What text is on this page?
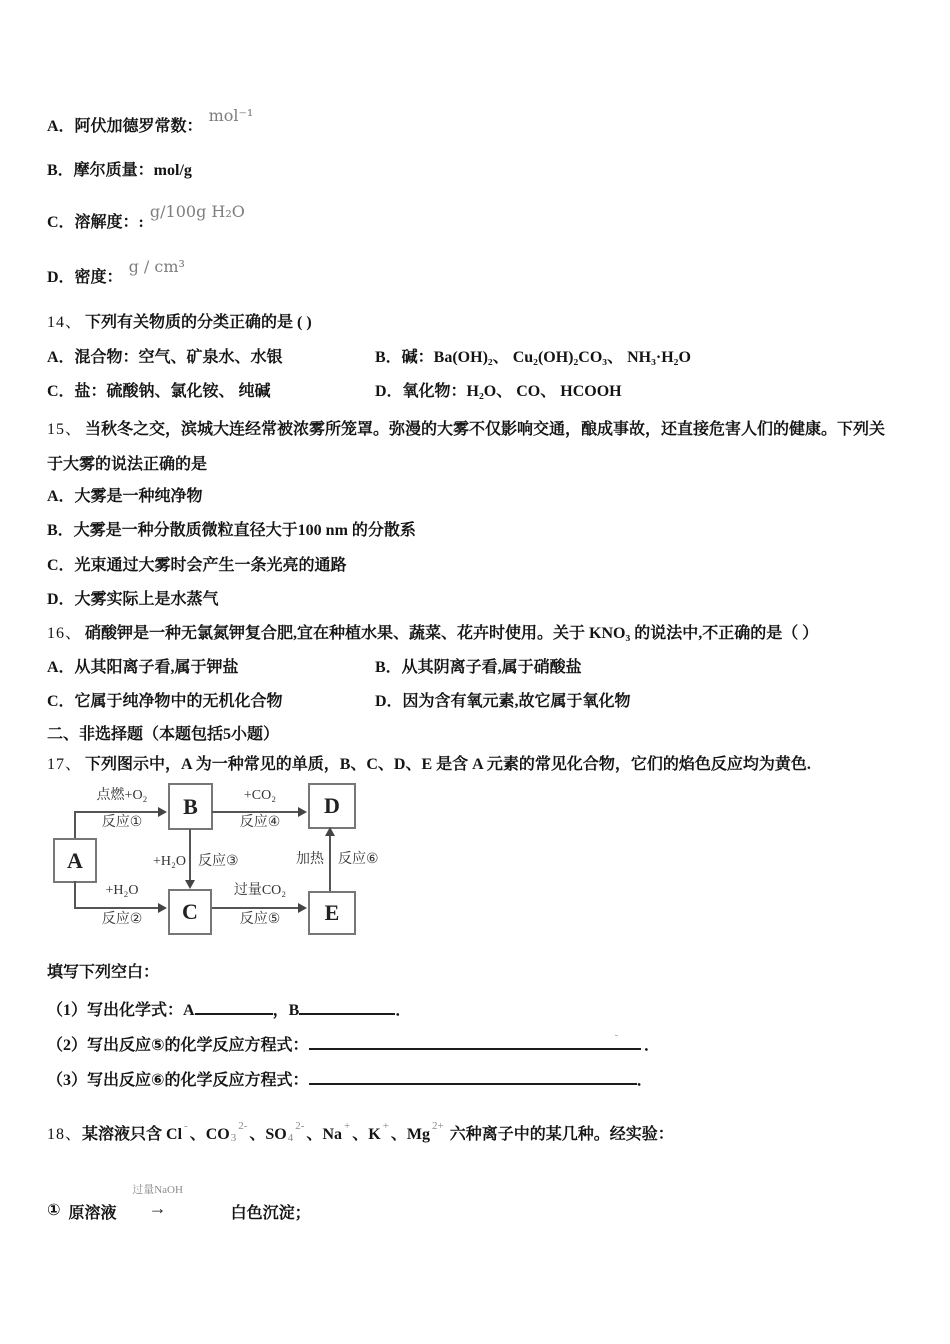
A．阿伏加德罗常数：mol⁻¹
B．摩尔质量：mol/g
C．溶解度：:g/100g H₂O
D．密度：g / cm³
14、 下列有关物质的分类正确的是 ( )
A．混合物：空气、矿泉水、水银	B．碱：Ba(OH)₂、 Cu₂(OH)₂CO₃、 NH₃·H₂O
C．盐：硫酸钠、氯化铵、 纯碱	D．氧化物：H₂O、 CO、 HCOOH
15、 当秋冬之交，滨城大连经常被浓雾所笼罩。弥漫的大雾不仅影响交通，酿成事故，还直接危害人们的健康。下列关
于大雾的说法正确的是
A．大雾是一种纯净物
B．大雾是一种分散质微粒直径大于100 nm 的分散系
C．光束通过大雾时会产生一条光亮的通路
D．大雾实际上是水蒸气
16、 硝酸钾是一种无氯氮钾复合肥,宜在种植水果、蔬菜、花卉时使用。关于 KNO₃ 的说法中,不正确的是（ ）
A．从其阳离子看,属于钾盐	B．从其阴离子看,属于硝酸盐
C．它属于纯净物中的无机化合物	D．因为含有氧元素,故它属于氧化物
二、非选择题（本题包括5小题）
17、 下列图示中，A 为一种常见的单质，B、C、D、E 是含 A 元素的常见化合物，它们的焰色反应均为黄色.
A
B
C
D
E
点燃+O₂
反应①
+CO₂
反应④
+H₂O 反应③	加热 反应⑥
+H₂O
反应②
过量CO₂
反应⑤
填写下列空白：
（1）写出化学式：A	，B	．
（2）写出反应⑤的化学反应方程式：-．
（3）写出反应⑥的化学反应方程式：	．
18、某溶液只含 Cl - 、$CO3^{2-}$ 、$SO4^{2-}$ 、Na + 、K + 、Mg $^{2+}$ 六种离子中的某几种。经实验：
① 原溶液
过量NaOH
→	白色沉淀；
